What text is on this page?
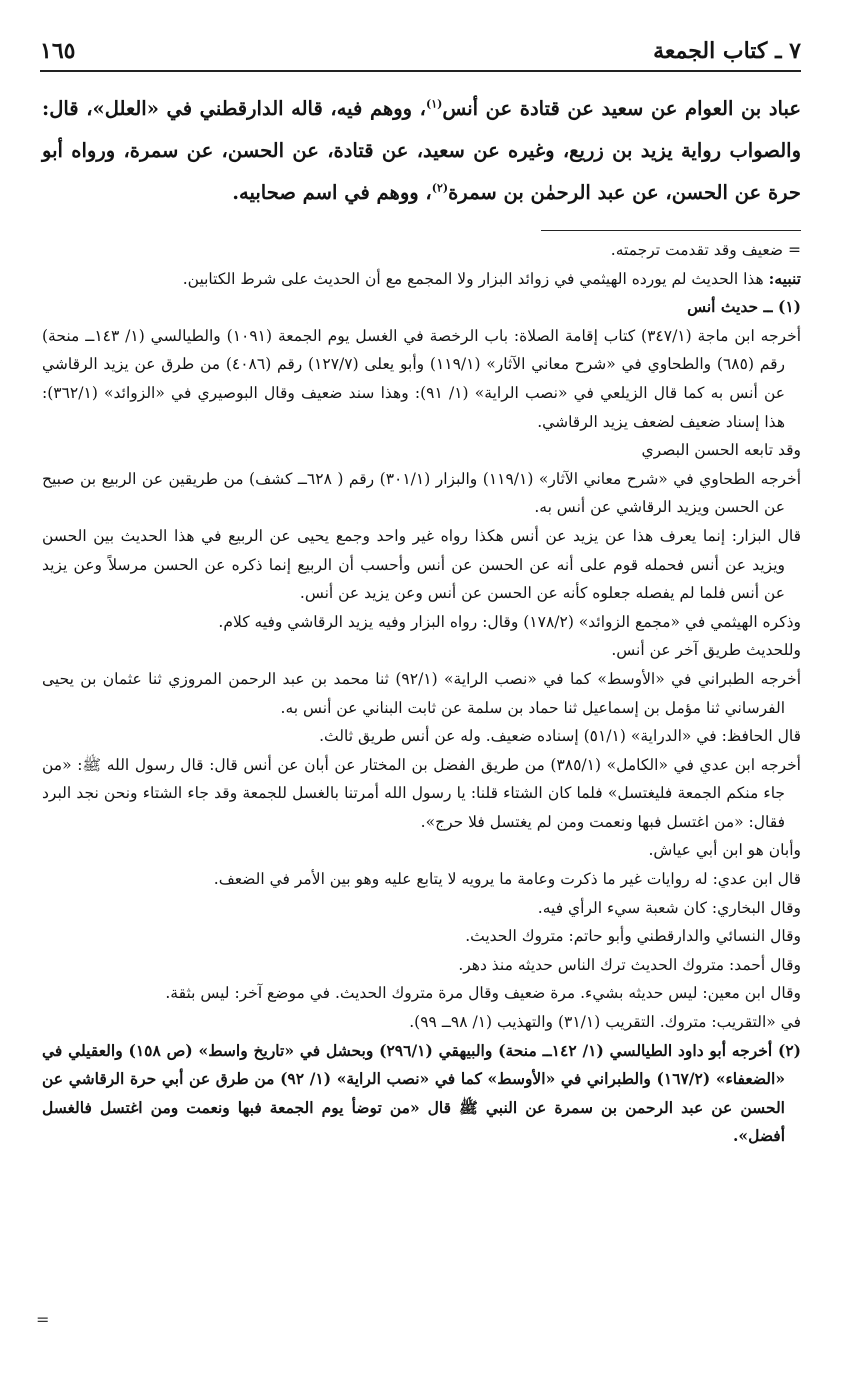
٧ ـ كتاب الجمعة
١٦٥

عباد بن العوام عن سعيد عن قتادة عن أنس$^{(١)}$، ووهم فيه، قاله الدارقطني في «العلل»، قال: والصواب رواية يزيد بن زريع، وغيره عن سعيد، عن قتادة، عن الحسن، عن سمرة، ورواه أبو حرة عن الحسن، عن عبد الرحمٰن بن سمرة$^{(٢)}$، ووهم في اسم صحابيه.

= ضعيف وقد تقدمت ترجمته.

تنبيه: هذا الحديث لم يورده الهيثمي في زوائد البزار ولا المجمع مع أن الحديث على شرط الكتابين.

(١) ــ حديث أنس

أخرجه ابن ماجة (٣٤٧/١) كتاب إقامة الصلاة: باب الرخصة في الغسل يوم الجمعة (١٠٩١) والطيالسي (١/ ١٤٣ــ منحة) رقم (٦٨٥) والطحاوي في «شرح معاني الآثار» (١١٩/١) وأبو يعلى (١٢٧/٧) رقم (٤٠٨٦) من طرق عن يزيد الرقاشي عن أنس به كما قال الزيلعي في «نصب الراية» (١/ ٩١): وهذا سند ضعيف وقال البوصيري في «الزوائد» (٣٦٢/١): هذا إسناد ضعيف لضعف يزيد الرقاشي.

وقد تابعه الحسن البصري

أخرجه الطحاوي في «شرح معاني الآثار» (١١٩/١) والبزار (٣٠١/١) رقم ( ٦٢٨ــ كشف) من طريقين عن الربيع بن صبيح عن الحسن ويزيد الرقاشي عن أنس به.

قال البزار: إنما يعرف هذا عن يزيد عن أنس هكذا رواه غير واحد وجمع يحيى عن الربيع في هذا الحديث بين الحسن ويزيد عن أنس فحمله قوم على أنه عن الحسن عن أنس وأحسب أن الربيع إنما ذكره عن الحسن مرسلاً وعن يزيد عن أنس فلما لم يفصله جعلوه كأنه عن الحسن عن أنس وعن يزيد عن أنس.

وذكره الهيثمي في «مجمع الزوائد» (١٧٨/٢) وقال: رواه البزار وفيه يزيد الرقاشي وفيه كلام.

وللحديث طريق آخر عن أنس.

أخرجه الطبراني في «الأوسط» كما في «نصب الراية» (٩٢/١) ثنا محمد بن عبد الرحمن المروزي ثنا عثمان بن يحيى الفرساني ثنا مؤمل بن إسماعيل ثنا حماد بن سلمة عن ثابت البناني عن أنس به.

قال الحافظ: في «الدراية» (٥١/١) إسناده ضعيف. وله عن أنس طريق ثالث.

أخرجه ابن عدي في «الكامل» (٣٨٥/١) من طريق الفضل بن المختار عن أبان عن أنس قال: قال رسول الله ﷺ: «من جاء منكم الجمعة فليغتسل» فلما كان الشتاء قلنا: يا رسول الله أمرتنا بالغسل للجمعة وقد جاء الشتاء ونحن نجد البرد فقال: «من اغتسل فبها ونعمت ومن لم يغتسل فلا حرج».

وأبان هو ابن أبي عياش.

قال ابن عدي: له روايات غير ما ذكرت وعامة ما يرويه لا يتابع عليه وهو بين الأمر في الضعف.

وقال البخاري: كان شعبة سيء الرأي فيه.

وقال النسائي والدارقطني وأبو حاتم: متروك الحديث.

وقال أحمد: متروك الحديث ترك الناس حديثه منذ دهر.

وقال ابن معين: ليس حديثه بشيء. مرة ضعيف وقال مرة متروك الحديث. في موضع آخر: ليس بثقة.

في «التقريب: متروك. التقريب (٣١/١) والتهذيب (١/ ٩٨ــ ٩٩).

(٢) أخرجه أبو داود الطيالسي (١/ ١٤٢ــ منحة) والبيهقي (٢٩٦/١) وبحشل في «تاريخ واسط» (ص ١٥٨) والعقيلي في «الضعفاء» (١٦٧/٢) والطبراني في «الأوسط» كما في «نصب الراية» (١/ ٩٢) من طرق عن أبي حرة الرقاشي عن الحسن عن عبد الرحمن بن سمرة عن النبي ﷺ قال «من توضأ يوم الجمعة فبها ونعمت ومن اغتسل فالغسل أفضل».

=
